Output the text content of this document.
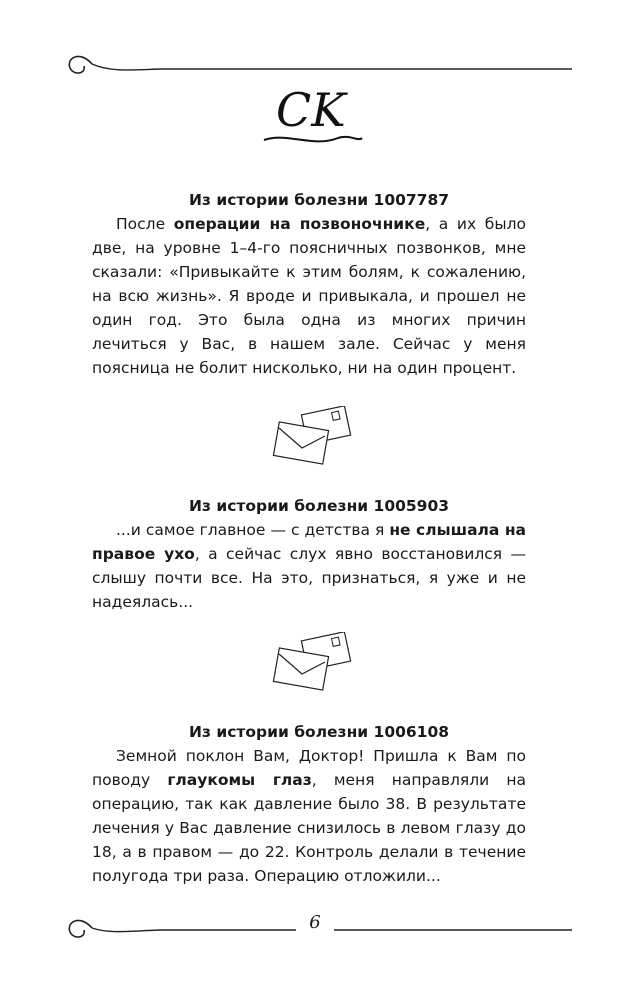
CK

Из истории болезни 1007787

После операции на позвоночнике, а их было две, на уровне 1–4-го поясничных позвонков, мне сказали: «Привыкайте к этим болям, к сожалению, на всю жизнь». Я вроде и привыкала, и прошел не один год. Это была одна из многих причин лечиться у Вас, в нашем зале. Сейчас у меня поясница не болит нисколько, ни на один процент.

Из истории болезни 1005903

...и самое главное — с детства я не слышала на правое ухо, а сейчас слух явно восстановился — слышу почти все. На это, признаться, я уже и не надеялась...

Из истории болезни 1006108

Земной поклон Вам, Доктор! Пришла к Вам по поводу глаукомы глаз, меня направляли на операцию, так как давление было 38. В результате лечения у Вас давление снизилось в левом глазу до 18, а в правом — до 22. Контроль делали в течение полугода три раза. Операцию отложили...

6
